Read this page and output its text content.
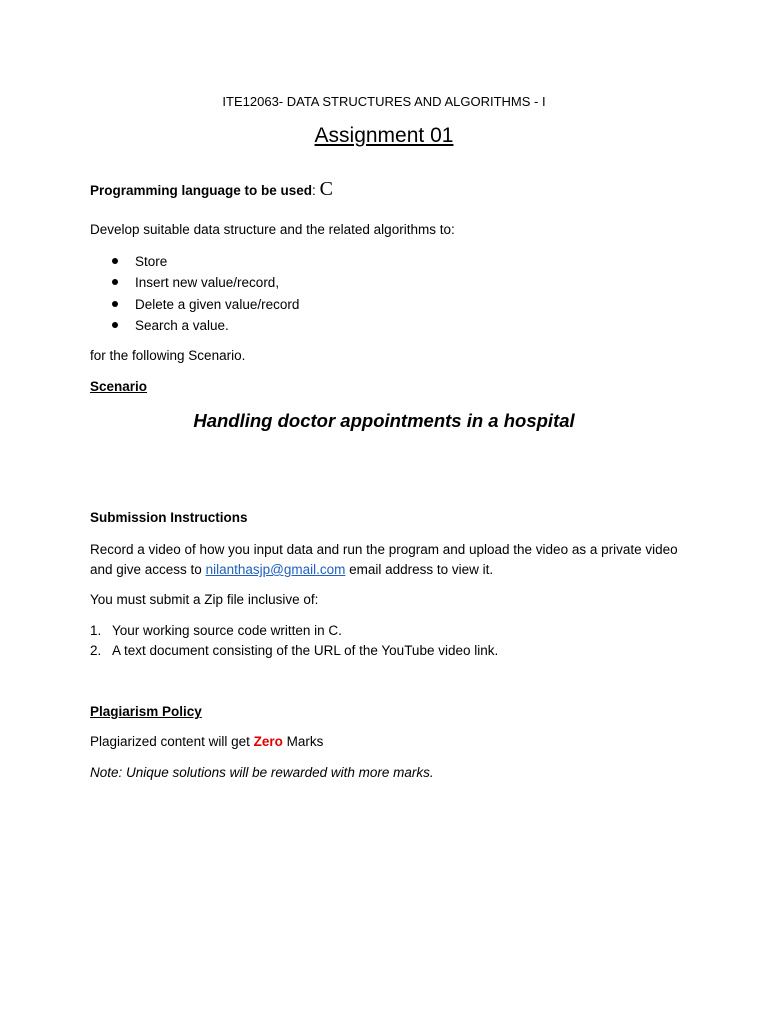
ITE12063- DATA STRUCTURES AND ALGORITHMS - I
Assignment 01
Programming language to be used: C
Develop suitable data structure and the related algorithms to:
Store
Insert new value/record,
Delete a given value/record
Search a value.
for the following Scenario.
Scenario
Handling doctor appointments in a hospital
Submission Instructions
Record a video of how you input data and run the program and upload the video as a private video and give access to nilanthasjp@gmail.com email address to view it.
You must submit a Zip file inclusive of:
1. Your working source code written in C.
2. A text document consisting of the URL of the YouTube video link.
Plagiarism Policy
Plagiarized content will get Zero Marks
Note: Unique solutions will be rewarded with more marks.
